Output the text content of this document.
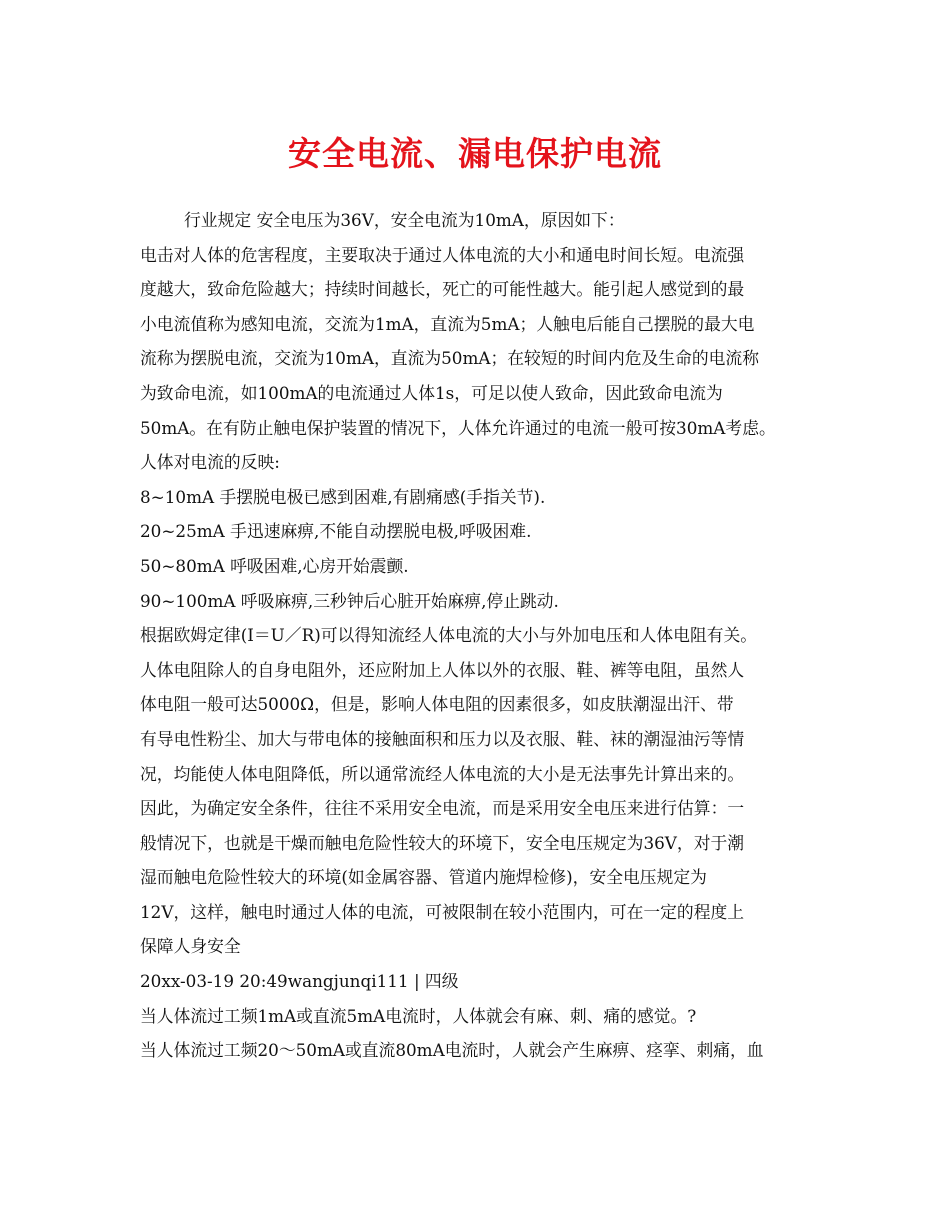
安全电流、漏电保护电流
行业规定 安全电压为36V，安全电流为10mA，原因如下：
电击对人体的危害程度，主要取决于通过人体电流的大小和通电时间长短。电流强
度越大，致命危险越大；持续时间越长，死亡的可能性越大。能引起人感觉到的最
小电流值称为感知电流，交流为1mA，直流为5mA；人触电后能自己摆脱的最大电
流称为摆脱电流，交流为10mA，直流为50mA；在较短的时间内危及生命的电流称
为致命电流，如100mA的电流通过人体1s，可足以使人致命，因此致命电流为
50mA。在有防止触电保护装置的情况下，人体允许通过的电流一般可按30mA考虑。
人体对电流的反映:
8~10mA 手摆脱电极已感到困难,有剧痛感(手指关节).
20~25mA 手迅速麻痹,不能自动摆脱电极,呼吸困难.
50~80mA 呼吸困难,心房开始震颤.
90~100mA 呼吸麻痹,三秒钟后心脏开始麻痹,停止跳动.
根据欧姆定律(I＝U／R)可以得知流经人体电流的大小与外加电压和人体电阻有关。
人体电阻除人的自身电阻外，还应附加上人体以外的衣服、鞋、裤等电阻，虽然人
体电阻一般可达5000Ω，但是，影响人体电阻的因素很多，如皮肤潮湿出汗、带
有导电性粉尘、加大与带电体的接触面积和压力以及衣服、鞋、袜的潮湿油污等情
况，均能使人体电阻降低，所以通常流经人体电流的大小是无法事先计算出来的。
因此，为确定安全条件，往往不采用安全电流，而是采用安全电压来进行估算：一
般情况下，也就是干燥而触电危险性较大的环境下，安全电压规定为36V，对于潮
湿而触电危险性较大的环境(如金属容器、管道内施焊检修)，安全电压规定为
12V，这样，触电时通过人体的电流，可被限制在较小范围内，可在一定的程度上
保障人身安全
20xx-03-19 20:49wangjunqi111 | 四级
当人体流过工频1mA或直流5mA电流时，人体就会有麻、刺、痛的感觉。?
当人体流过工频20～50mA或直流80mA电流时，人就会产生麻痹、痉挛、刺痛，血
